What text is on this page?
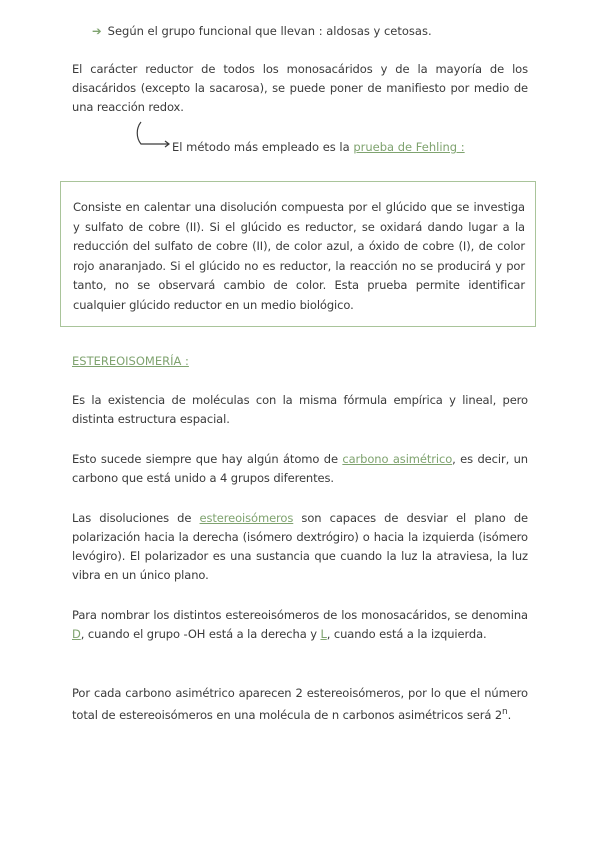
➔ Según el grupo funcional que llevan : aldosas y cetosas.
El carácter reductor de todos los monosacáridos y de la mayoría de los disacáridos (excepto la sacarosa), se puede poner de manifiesto por medio de una reacción redox.
El método más empleado es la prueba de Fehling :
Consiste en calentar una disolución compuesta por el glúcido que se investiga y sulfato de cobre (II). Si el glúcido es reductor, se oxidará dando lugar a la reducción del sulfato de cobre (II), de color azul, a óxido de cobre (I), de color rojo anaranjado. Si el glúcido no es reductor, la reacción no se producirá y por tanto, no se observará cambio de color. Esta prueba permite identificar cualquier glúcido reductor en un medio biológico.
ESTEREOISOMERÍA :
Es la existencia de moléculas con la misma fórmula empírica y lineal, pero distinta estructura espacial.
Esto sucede siempre que hay algún átomo de carbono asimétrico, es decir, un carbono que está unido a 4 grupos diferentes.
Las disoluciones de estereoisómeros son capaces de desviar el plano de polarización hacia la derecha (isómero dextrógiro) o hacia la izquierda (isómero levógiro). El polarizador es una sustancia que cuando la luz la atraviesa, la luz vibra en un único plano.
Para nombrar los distintos estereoisómeros de los monosacáridos, se denomina D, cuando el grupo -OH está a la derecha y L, cuando está a la izquierda.
Por cada carbono asimétrico aparecen 2 estereoisómeros, por lo que el número total de estereoisómeros en una molécula de n carbonos asimétricos será 2$^n$.
